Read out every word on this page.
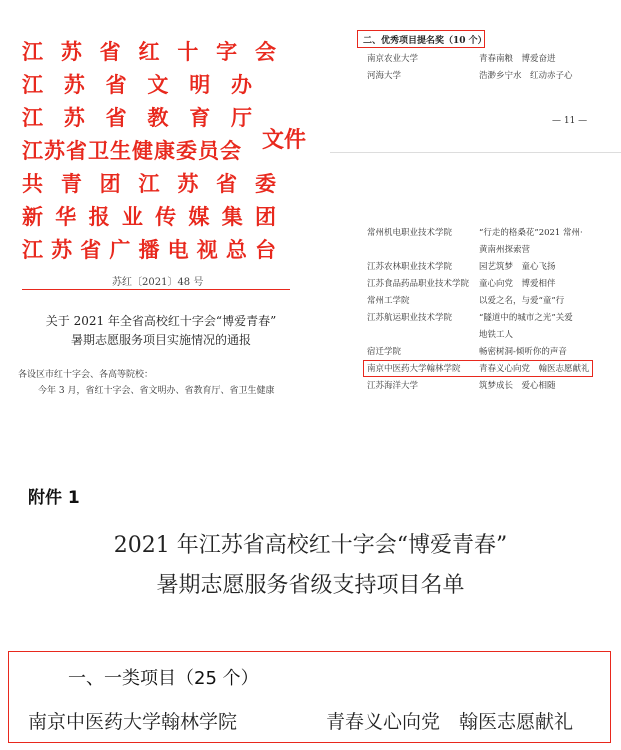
江 苏 省 红 十 字 会
江 苏 省 文 明 办
江 苏 省 教 育 厅
江苏省卫生健康委员会
共 青 团 江 苏 省 委
新 华 报 业 传 媒 集 团
江 苏 省 广 播 电 视 总 台
文件
苏红〔2021〕48 号
关于 2021 年全省高校红十字会“博爱青春”
暑期志愿服务项目实施情况的通报
各设区市红十字会、各高等院校：
今年 3 月，省红十字会、省文明办、省教育厅、省卫生健康
二、优秀项目提名奖（10 个）
南京农业大学	青春南粮　博爱奋进
河海大学	浩渺乡宁水　红动赤子心
— 11 —
常州机电职业技术学院	“行走的格桑花”2021 常州·
黄南州探索营
江苏农林职业技术学院	园艺筑梦　童心飞扬
江苏食品药品职业技术学院 童心向党　博爱相伴
常州工学院	以爱之名，与爱“童”行
江苏航运职业技术学院	“隧道中的城市之光”关爱
地铁工人
宿迁学院	畅密树洞-倾听你的声音
南京中医药大学翰林学院 青春义心向党　翰医志愿献礼
江苏海洋大学	筑梦成长　爱心相随
附件 1
2021 年江苏省高校红十字会“博爱青春”
暑期志愿服务省级支持项目名单
一、一类项目（25 个）
南京中医药大学翰林学院	青春义心向党　翰医志愿献礼
